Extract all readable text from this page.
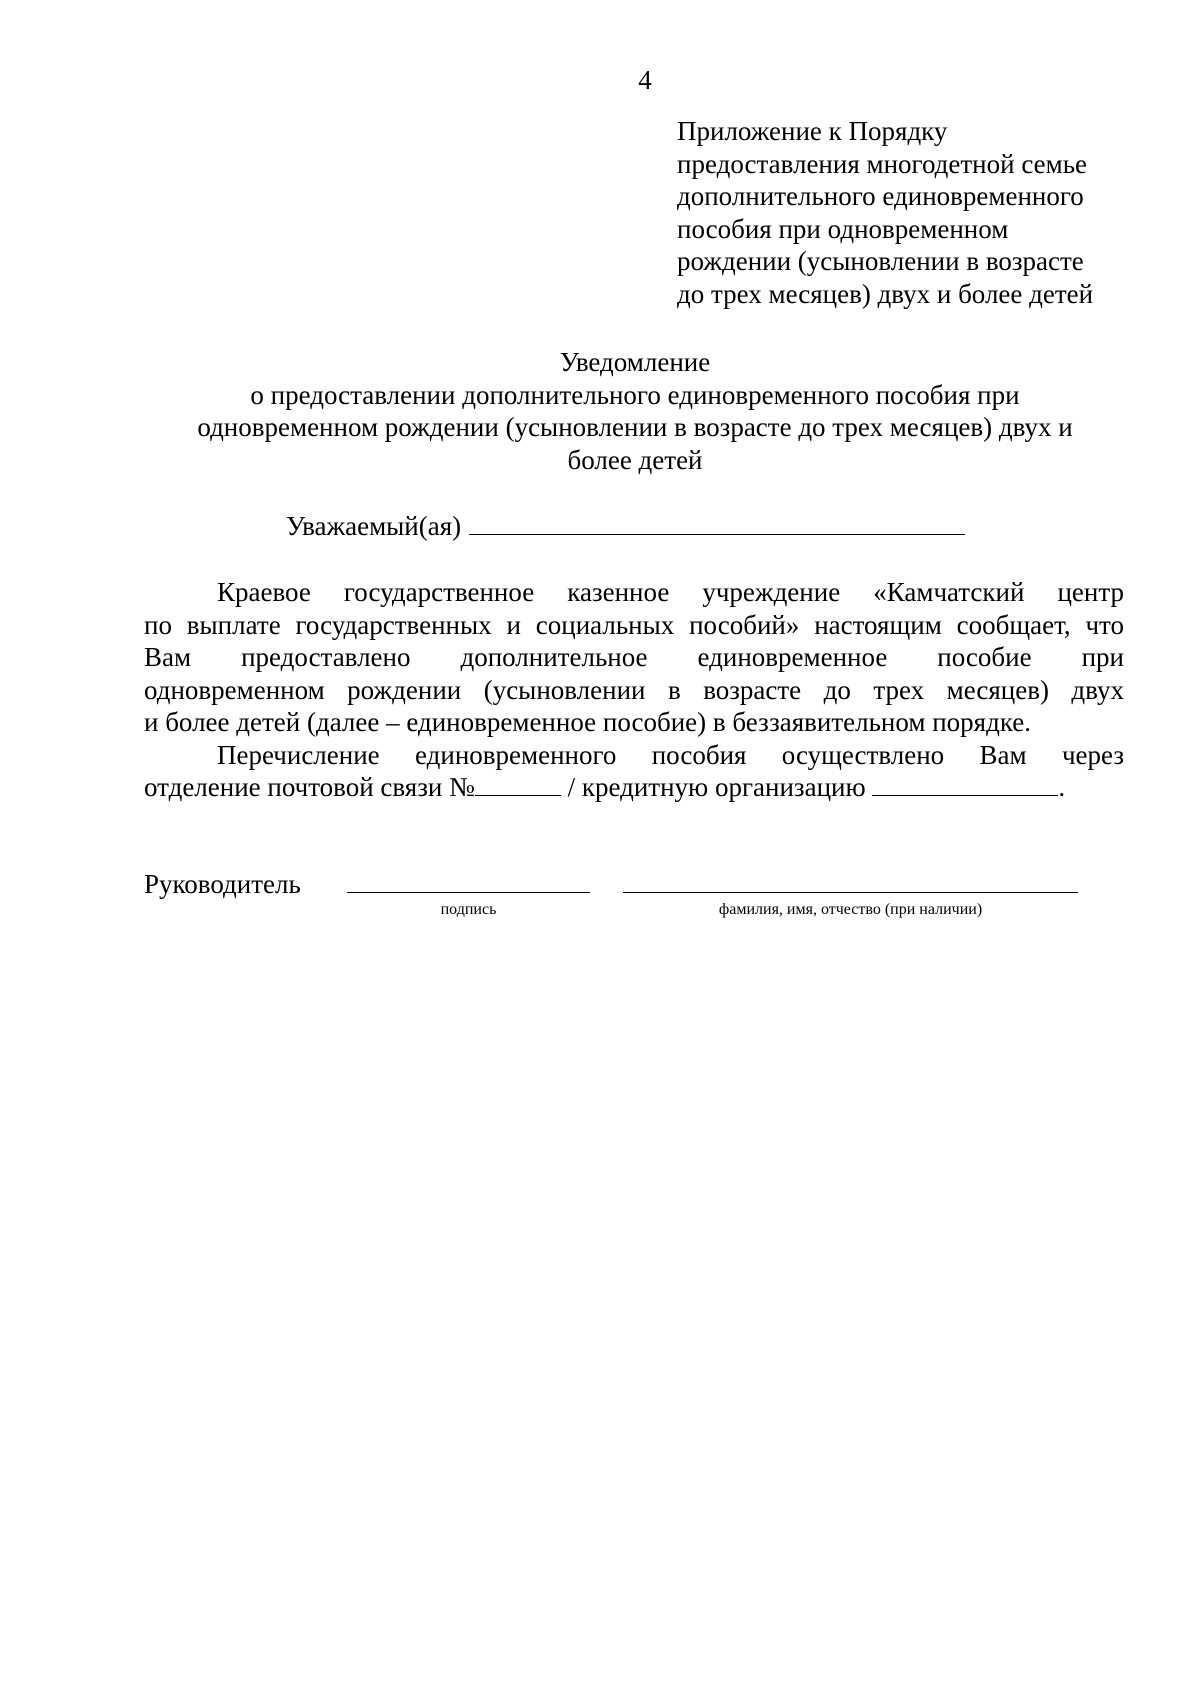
4
Приложение к Порядку
предоставления многодетной семье
дополнительного единовременного
пособия при одновременном
рождении (усыновлении в возрасте
до трех месяцев) двух и более детей
Уведомление
о предоставлении дополнительного единовременного пособия при
одновременном рождении (усыновлении в возрасте до трех месяцев) двух и
более детей
Уважаемый(ая)
Краевое государственное казенное учреждение «Камчатский центр
по выплате государственных и социальных пособий» настоящим сообщает, что
Вам предоставлено дополнительное единовременное пособие при
одновременном рождении (усыновлении в возрасте до трех месяцев) двух
и более детей (далее – единовременное пособие) в беззаявительном порядке.
Перечисление единовременного пособия осуществлено Вам через
отделение почтовой связи №	/ кредитную организацию	.
Руководитель
подпись	фамилия, имя, отчество (при наличии)
